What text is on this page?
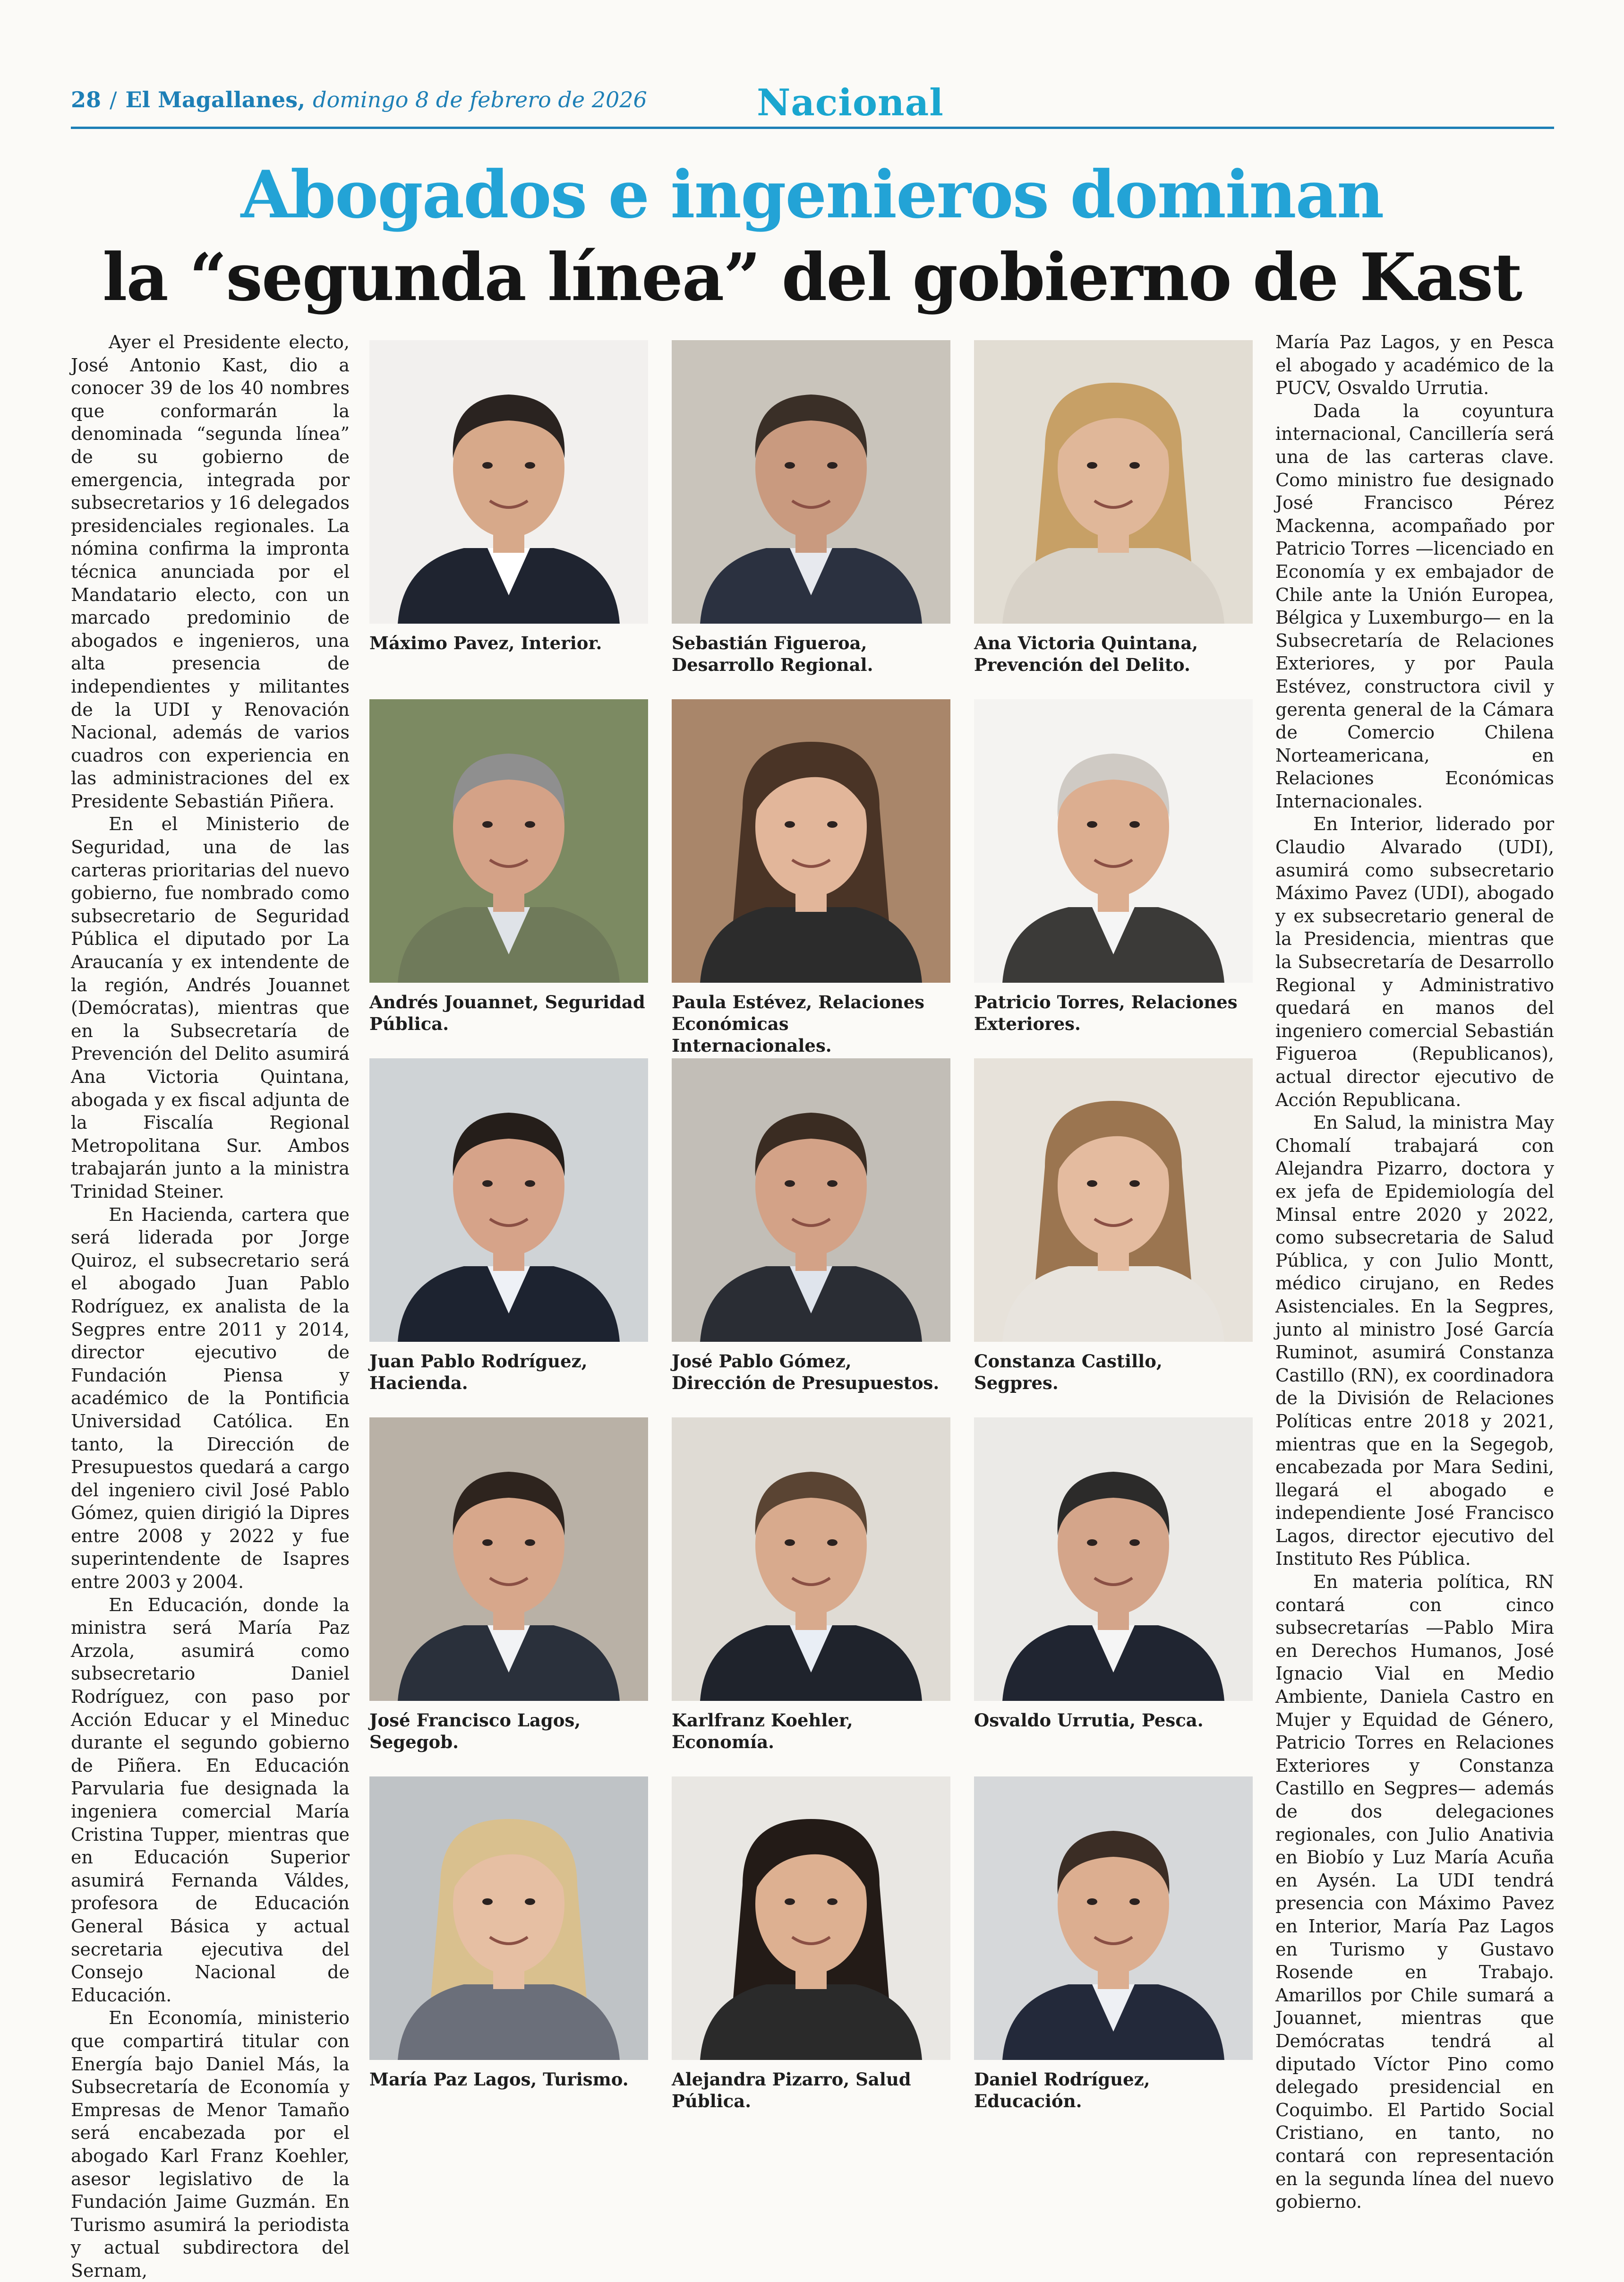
28 / El Magallanes, domingo 8 de febrero de 2026	Nacional
Abogados e ingenieros dominan
la “segunda línea” del gobierno de Kast

Ayer el Presidente electo, José Antonio Kast, dio a conocer 39 de los 40 nombres que conformarán la denominada “segunda línea” de su gobierno de emergencia, integrada por subsecretarios y 16 delegados presidenciales regionales. La nómina confirma la impronta técnica anunciada por el Mandatario electo, con un marcado predominio de abogados e ingenieros, una alta presencia de independientes y militantes de la UDI y Renovación Nacional, además de varios cuadros con experiencia en las administraciones del ex Presidente Sebastián Piñera.

En el Ministerio de Seguridad, una de las carteras prioritarias del nuevo gobierno, fue nombrado como subsecretario de Seguridad Pública el diputado por La Araucanía y ex intendente de la región, Andrés Jouannet (Demócratas), mientras que en la Subsecretaría de Prevención del Delito asumirá Ana Victoria Quintana, abogada y ex fiscal adjunta de la Fiscalía Regional Metropolitana Sur. Ambos trabajarán junto a la ministra Trinidad Steiner.

En Hacienda, cartera que será liderada por Jorge Quiroz, el subsecretario será el abogado Juan Pablo Rodríguez, ex analista de la Segpres entre 2011 y 2014, director ejecutivo de Fundación Piensa y académico de la Pontificia Universidad Católica. En tanto, la Dirección de Presupuestos quedará a cargo del ingeniero civil José Pablo Gómez, quien dirigió la Dipres entre 2008 y 2022 y fue superintendente de Isapres entre 2003 y 2004.

En Educación, donde la ministra será María Paz Arzola, asumirá como subsecretario Daniel Rodríguez, con paso por Acción Educar y el Mineduc durante el segundo gobierno de Piñera. En Educación Parvularia fue designada la ingeniera comercial María Cristina Tupper, mientras que en Educación Superior asumirá Fernanda Váldes, profesora de Educación General Básica y actual secretaria ejecutiva del Consejo Nacional de Educación.

En Economía, ministerio que compartirá titular con Energía bajo Daniel Más, la Subsecretaría de Economía y Empresas de Menor Tamaño será encabezada por el abogado Karl Franz Koehler, asesor legislativo de la Fundación Jaime Guzmán. En Turismo asumirá la periodista y actual subdirectora del Sernam,

María Paz Lagos, y en Pesca el abogado y académico de la PUCV, Osvaldo Urrutia.

Dada la coyuntura internacional, Cancillería será una de las carteras clave. Como ministro fue designado José Francisco Pérez Mackenna, acompañado por Patricio Torres —licenciado en Economía y ex embajador de Chile ante la Unión Europea, Bélgica y Luxemburgo— en la Subsecretaría de Relaciones Exteriores, y por Paula Estévez, constructora civil y gerenta general de la Cámara de Comercio Chilena Norteamericana, en Relaciones Económicas Internacionales.

En Interior, liderado por Claudio Alvarado (UDI), asumirá como subsecretario Máximo Pavez (UDI), abogado y ex subsecretario general de la Presidencia, mientras que la Subsecretaría de Desarrollo Regional y Administrativo quedará en manos del ingeniero comercial Sebastián Figueroa (Republicanos), actual director ejecutivo de Acción Republicana.

En Salud, la ministra May Chomalí trabajará con Alejandra Pizarro, doctora y ex jefa de Epidemiología del Minsal entre 2020 y 2022, como subsecretaria de Salud Pública, y con Julio Montt, médico cirujano, en Redes Asistenciales. En la Segpres, junto al ministro José García Ruminot, asumirá Constanza Castillo (RN), ex coordinadora de la División de Relaciones Políticas entre 2018 y 2021, mientras que en la Segegob, encabezada por Mara Sedini, llegará el abogado e independiente José Francisco Lagos, director ejecutivo del Instituto Res Pública.

En materia política, RN contará con cinco subsecretarías —Pablo Mira en Derechos Humanos, José Ignacio Vial en Medio Ambiente, Daniela Castro en Mujer y Equidad de Género, Patricio Torres en Relaciones Exteriores y Constanza Castillo en Segpres— además de dos delegaciones regionales, con Julio Anativia en Biobío y Luz María Acuña en Aysén. La UDI tendrá presencia con Máximo Pavez en Interior, María Paz Lagos en Turismo y Gustavo Rosende en Trabajo. Amarillos por Chile sumará a Jouannet, mientras que Demócratas tendrá al diputado Víctor Pino como delegado presidencial en Coquimbo. El Partido Social Cristiano, en tanto, no contará con representación en la segunda línea del nuevo gobierno.

Máximo Pavez, Interior.	Sebastián Figueroa, Desarrollo Regional.
Ana Victoria Quintana, Prevención del Delito.
Andrés Jouannet, Seguridad Pública.
Paula Estévez, Relaciones Económicas Internacionales.
Patricio Torres, Relaciones Exteriores.
Juan Pablo Rodríguez, Hacienda.
José Pablo Gómez, Dirección de Presupuestos.
Constanza Castillo, Segpres.
José Francisco Lagos, Segegob.
Karlfranz Koehler, Economía.
Osvaldo Urrutia, Pesca.
María Paz Lagos, Turismo.	Alejandra Pizarro, Salud Pública.
Daniel Rodríguez, Educación.
